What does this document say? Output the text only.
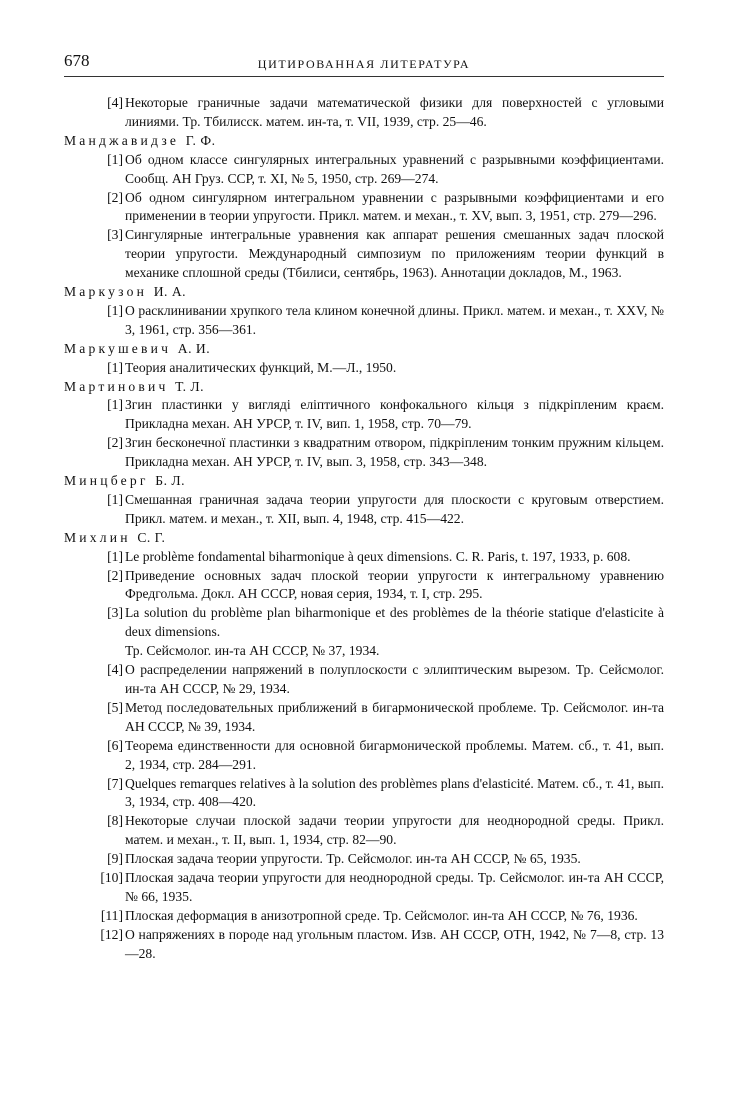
678	ЦИТИРОВАННАЯ ЛИТЕРАТУРА
[4] Некоторые граничные задачи математической физики для поверхностей с угловыми линиями. Тр. Тбилисск. матем. ин-та, т. VII, 1939, стр. 25—46.
Манджавидзе Г. Ф.
[1] Об одном классе сингулярных интегральных уравнений с разрывными коэффициентами. Сообщ. АН Груз. ССР, т. XI, № 5, 1950, стр. 269—274.
[2] Об одном сингулярном интегральном уравнении с разрывными коэффициентами и его применении в теории упругости. Прикл. матем. и механ., т. XV, вып. 3, 1951, стр. 279—296.
[3] Сингулярные интегральные уравнения как аппарат решения смешанных задач плоской теории упругости. Международный симпозиум по приложениям теории функций в механике сплошной среды (Тбилиси, сентябрь, 1963). Аннотации докладов, М., 1963.
Маркузон И. А.
[1] О расклинивании хрупкого тела клином конечной длины. Прикл. матем. и механ., т. XXV, № 3, 1961, стр. 356—361.
Маркушевич А. И.
[1] Теория аналитических функций, М.—Л., 1950.
Мартинович Т. Л.
[1] Згин пластинки у вигляді еліптичного конфокального кільця з підкріпленим краєм. Прикладна механ. АН УРСР, т. IV, вип. 1, 1958, стр. 70—79.
[2] Згин бесконечної пластинки з квадратним отвором, підкріпленим тонким пружним кільцем. Прикладна механ. АН УРСР, т. IV, вып. 3, 1958, стр. 343—348.
Минцберг Б. Л.
[1] Смешанная граничная задача теории упругости для плоскости с круговым отверстием. Прикл. матем. и механ., т. XII, вып. 4, 1948, стр. 415—422.
Михлин С. Г.
[1] Le problème fondamental biharmonique à qeux dimensions. C. R. Paris, t. 197, 1933, p. 608.
[2] Приведение основных задач плоской теории упругости к интегральному уравнению Фредгольма. Докл. АН СССР, новая серия, 1934, т. I, стр. 295.
[3] La solution du problème plan biharmonique et des problèmes de la théorie statique d'elasticite à deux dimensions.
Тр. Сейсмолог. ин-та АН СССР, № 37, 1934.
[4] О распределении напряжений в полуплоскости с эллиптическим вырезом. Тр. Сейсмолог. ин-та АН СССР, № 29, 1934.
[5] Метод последовательных приближений в бигармонической проблеме. Тр. Сейсмолог. ин-та АН СССР, № 39, 1934.
[6] Теорема единственности для основной бигармонической проблемы. Матем. сб., т. 41, вып. 2, 1934, стр. 284—291.
[7] Quelques remarques relatives à la solution des problèmes plans d'elasticité. Матем. сб., т. 41, вып. 3, 1934, стр. 408—420.
[8] Некоторые случаи плоской задачи теории упругости для неоднородной среды. Прикл. матем. и механ., т. II, вып. 1, 1934, стр. 82—90.
[9] Плоская задача теории упругости. Тр. Сейсмолог. ин-та АН СССР, № 65, 1935.
[10] Плоская задача теории упругости для неоднородной среды. Тр. Сейсмолог. ин-та АН СССР, № 66, 1935.
[11] Плоская деформация в анизотропной среде. Тр. Сейсмолог. ин-та АН СССР, № 76, 1936.
[12] О напряжениях в породе над угольным пластом. Изв. АН СССР, ОТН, 1942, № 7—8, стр. 13—28.
